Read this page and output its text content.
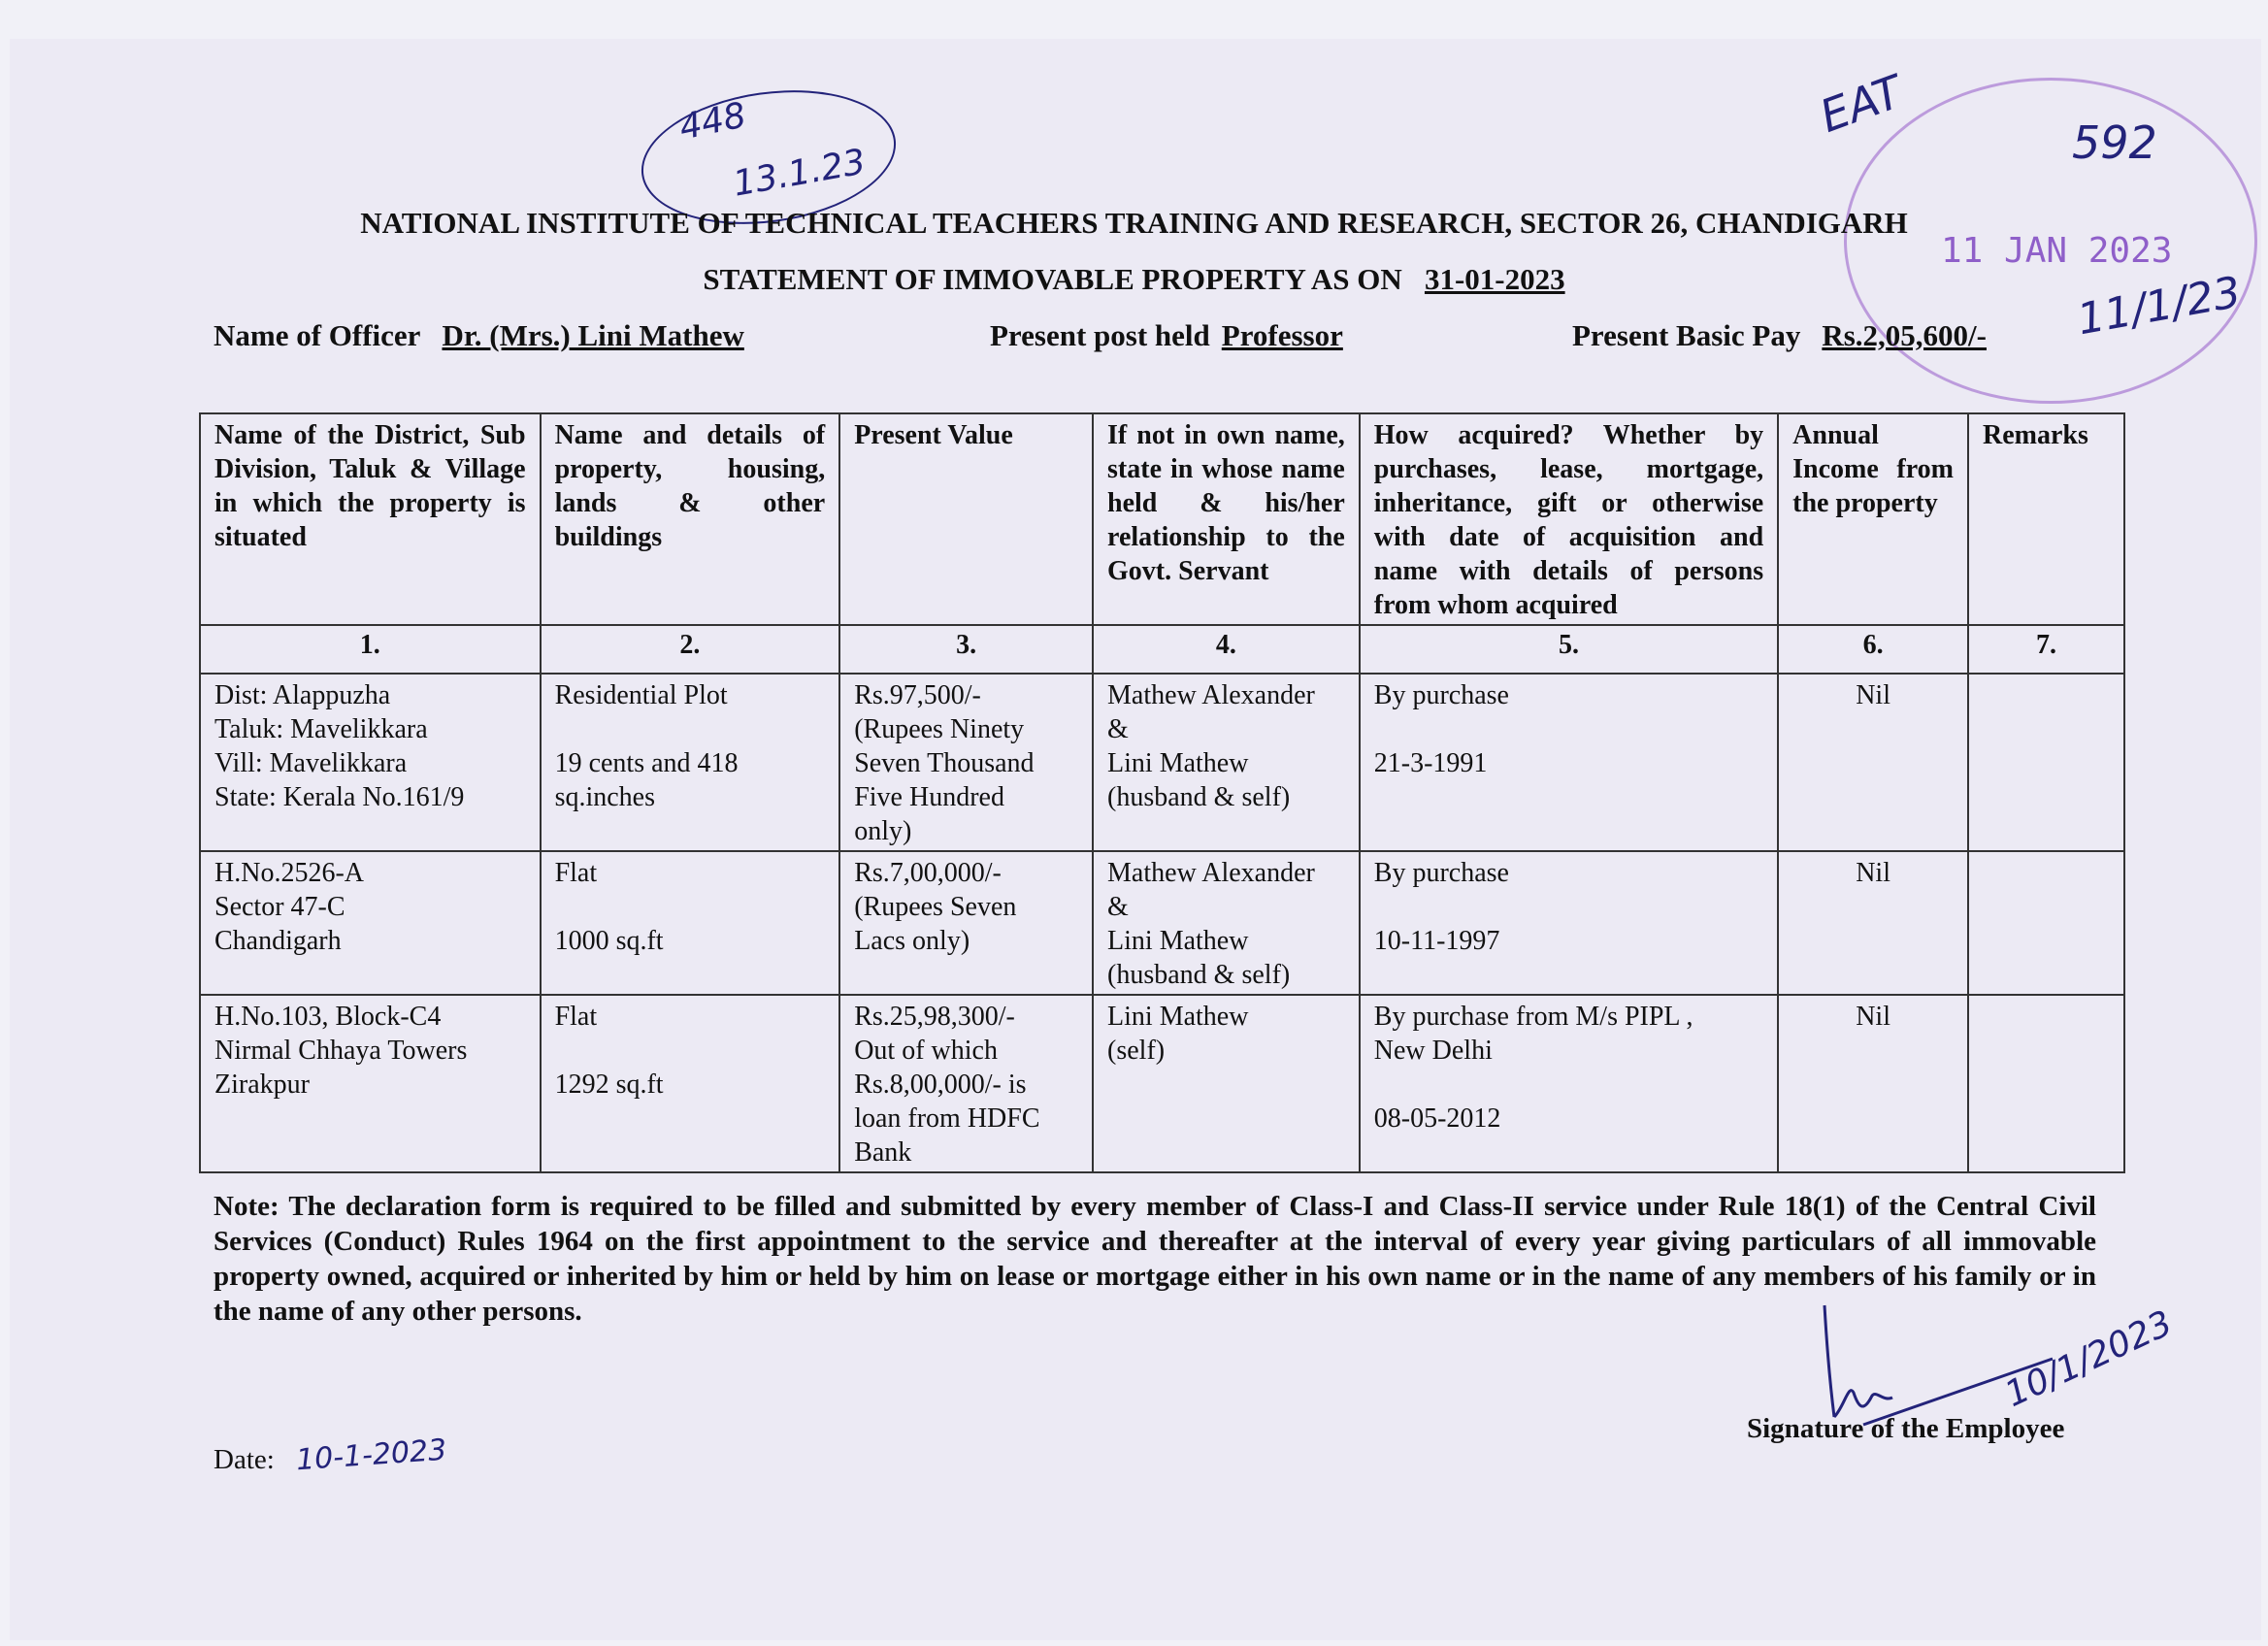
448
13.1.23
EAT
592
11 JAN 2023
11/1/23
NATIONAL INSTITUTE OF TECHNICAL TEACHERS TRAINING AND RESEARCH, SECTOR 26, CHANDIGARH
STATEMENT OF IMMOVABLE PROPERTY AS ON 31-01-2023
Name of Officer Dr. (Mrs.) Lini Mathew	Present post held Professor	Present Basic Pay Rs.2,05,600/-
Name of the District, Sub Division, Taluk & Village in which the property is situated	Name and details of property, housing, lands & other buildings	Present Value	If not in own name, state in whose name held & his/her relationship to the Govt. Servant	How acquired? Whether by purchases, lease, mortgage, inheritance, gift or otherwise with date of acquisition and name with details of persons from whom acquired	Annual Income from the property	Remarks
1.	2.	3.	4.	5.	6.	7.

Dist: Alappuzha
Taluk: Mavelikkara
Vill: Mavelikkara
State: Kerala No.161/9	Residential Plot
19 cents and 418
sq.inches	Rs.97,500/-
(Rupees Ninety
Seven Thousand
Five Hundred
only)	Mathew Alexander
&
Lini Mathew
(husband & self)	By purchase
21-3-1991	Nil	

H.No.2526-A
Sector 47-C
Chandigarh	Flat
1000 sq.ft	Rs.7,00,000/-
(Rupees Seven
Lacs only)	Mathew Alexander
&
Lini Mathew
(husband & self)	By purchase
10-11-1997	Nil	

H.No.103, Block-C4
Nirmal Chhaya Towers
Zirakpur	Flat
1292 sq.ft	Rs.25,98,300/-
Out of which
Rs.8,00,000/- is
loan from HDFC
Bank	Lini Mathew
(self)	By purchase from M/s PIPL ,
New Delhi
08-05-2012	Nil	
Note: The declaration form is required to be filled and submitted by every member of Class-I and Class-II service under Rule 18(1) of the Central Civil Services (Conduct) Rules 1964 on the first appointment to the service and thereafter at the interval of every year giving particulars of all immovable property owned, acquired or inherited by him or held by him on lease or mortgage either in his own name or in the name of any members of his family or in the name of any other persons.	10/1/2023
Signature of the Employee
Date: 10-1-2023
